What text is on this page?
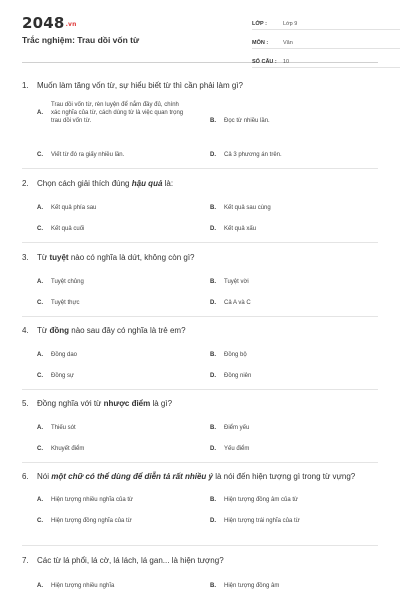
$2048^{.vn}$
Trắc nghiệm: Trau dồi vốn từ
LỚP :	Lớp 9
MÔN :	Văn
SỐ CÂU :	10
1.	Muốn làm tăng vốn từ, sự hiểu biết từ thì cần phải làm gì?
A.
Trau dồi vốn từ, rèn luyện để nắm đầy đủ, chính xác nghĩa của từ, cách dùng từ là việc quan trọng trau dồi vốn từ.	B.	Đọc từ nhiều lần.
C.	Viết từ đó ra giấy nhiều lần.	D.	Cả 3 phương án trên.
2.	Chọn cách giải thích đúng hậu quả là:
A.	Kết quả phía sau	B.	Kết quả sau cùng
C.	Kết quả cuối	D.	Kết quả xấu
3.	Từ tuyệt nào có nghĩa là dứt, không còn gì?
A.	Tuyệt chủng	B.	Tuyệt vời
C.	Tuyệt thực	D.	Cả A và C
4.	Từ đồng nào sau đây có nghĩa là trẻ em?
A.	Đồng dao	B.	Đồng bộ
C.	Đồng sự	D.	Đồng niên
5.	Đồng nghĩa với từ nhược điểm là gì?
A.	Thiếu sót	B.	Điểm yếu
C.	Khuyết điểm	D.	Yếu điểm
6.	Nói một chữ có thể dùng để diễn tả rất nhiều ý là nói đến hiện tượng gì trong từ vựng?
A.	Hiện tượng nhiều nghĩa của từ	B.	Hiện tượng đồng âm của từ
C.	Hiện tượng đồng nghĩa của từ	D.	Hiện tượng trái nghĩa của từ
7.	Các từ lá phổi, lá cờ, lá lách, lá gan... là hiện tượng?
A.	Hiện tượng nhiều nghĩa	B.	Hiện tượng đồng âm
